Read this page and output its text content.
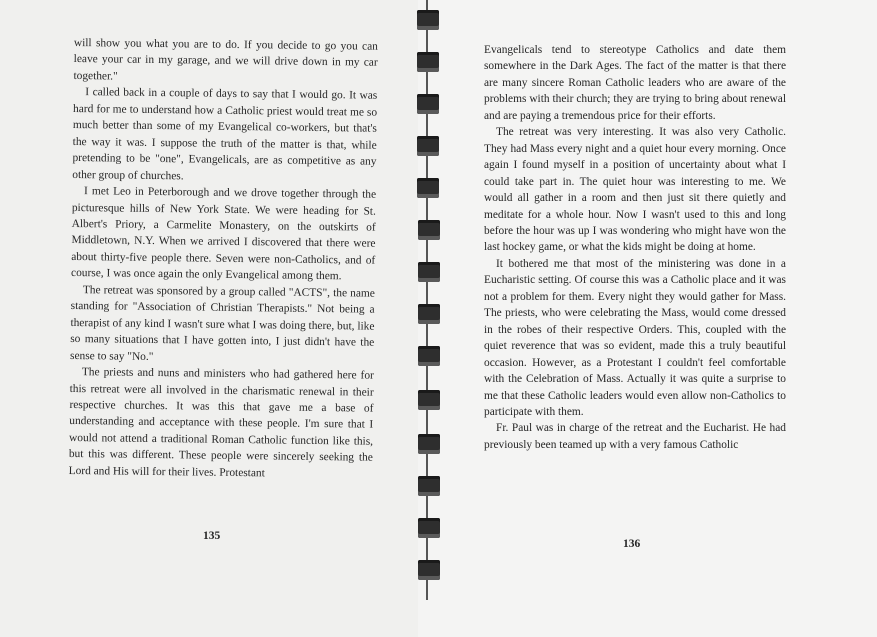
will show you what you are to do. If you decide to go you can leave your car in my garage, and we will drive down in my car together."

I called back in a couple of days to say that I would go. It was hard for me to understand how a Catholic priest would treat me so much better than some of my Evangelical co-workers, but that's the way it was. I suppose the truth of the matter is that, while pretending to be "one", Evangelicals, are as competitive as any other group of churches.

I met Leo in Peterborough and we drove together through the picturesque hills of New York State. We were heading for St. Albert's Priory, a Carmelite Monastery, on the outskirts of Middletown, N.Y. When we arrived I discovered that there were about thirty-five people there. Seven were non-Catholics, and of course, I was once again the only Evangelical among them.

The retreat was sponsored by a group called "ACTS", the name standing for "Association of Christian Therapists." Not being a therapist of any kind I wasn't sure what I was doing there, but, like so many situations that I have gotten into, I just didn't have the sense to say "No."

The priests and nuns and ministers who had gathered here for this retreat were all involved in the charismatic renewal in their respective churches. It was this that gave me a base of understanding and acceptance with these people. I'm sure that I would not attend a traditional Roman Catholic function like this, but this was different. These people were sincerely seeking the Lord and His will for their lives. Protestant

135

Evangelicals tend to stereotype Catholics and date them somewhere in the Dark Ages. The fact of the matter is that there are many sincere Roman Catholic leaders who are aware of the problems with their church; they are trying to bring about renewal and are paying a tremendous price for their efforts.

The retreat was very interesting. It was also very Catholic. They had Mass every night and a quiet hour every morning. Once again I found myself in a position of uncertainty about what I could take part in. The quiet hour was interesting to me. We would all gather in a room and then just sit there quietly and meditate for a whole hour. Now I wasn't used to this and long before the hour was up I was wondering who might have won the last hockey game, or what the kids might be doing at home.

It bothered me that most of the ministering was done in a Eucharistic setting. Of course this was a Catholic place and it was not a problem for them. Every night they would gather for Mass. The priests, who were celebrating the Mass, would come dressed in the robes of their respective Orders. This, coupled with the quiet reverence that was so evident, made this a truly beautiful occasion. However, as a Protestant I couldn't feel comfortable with the Celebration of Mass. Actually it was quite a surprise to me that these Catholic leaders would even allow non-Catholics to participate with them.

Fr. Paul was in charge of the retreat and the Eucharist. He had previously been teamed up with a very famous Catholic

136
